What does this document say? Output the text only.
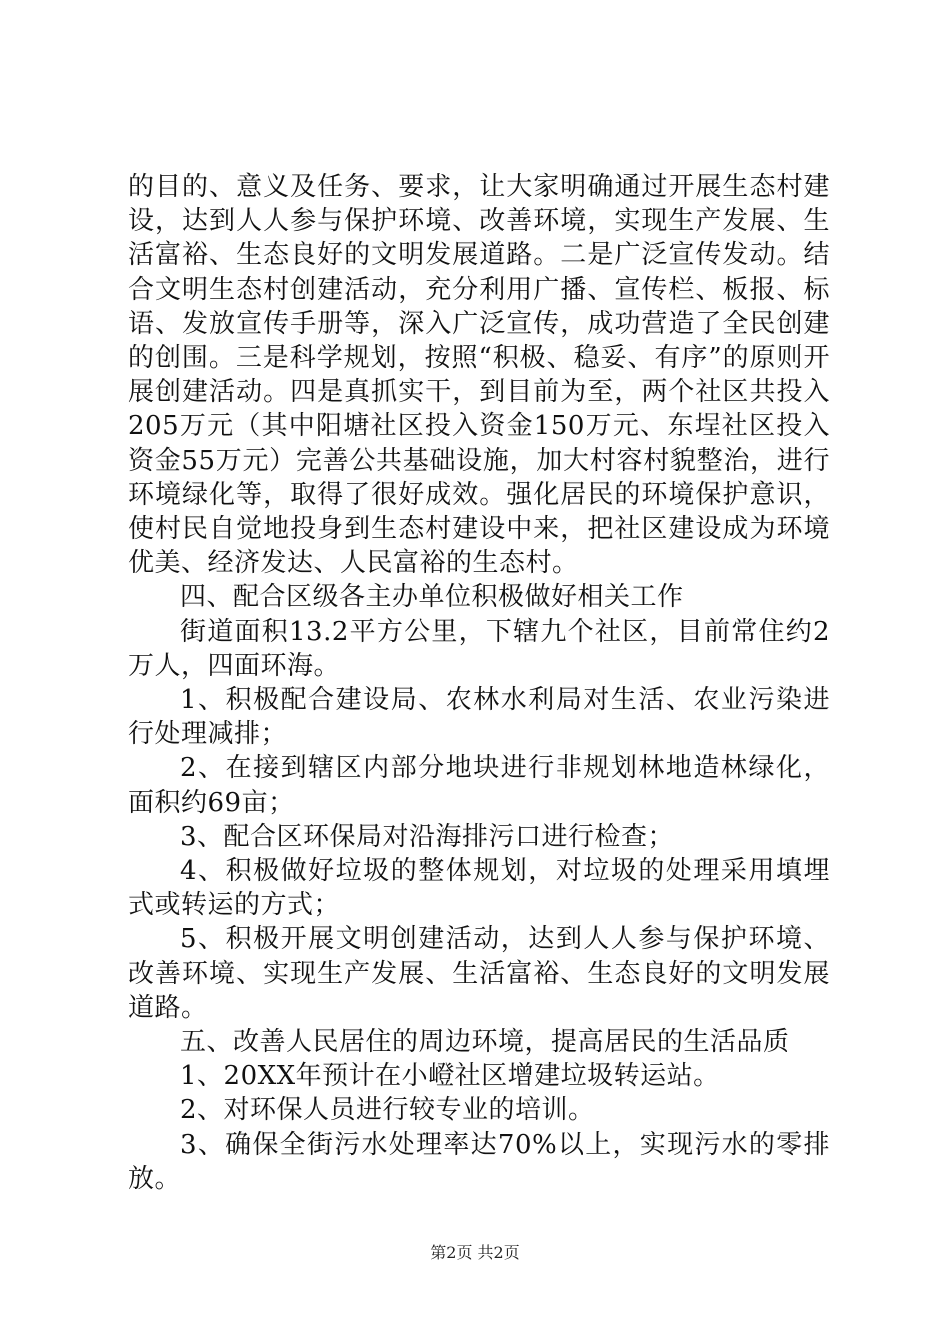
的目的、意义及任务、要求，让大家明确通过开展生态村建设，达到人人参与保护环境、改善环境，实现生产发展、生活富裕、生态良好的文明发展道路。二是广泛宣传发动。结合文明生态村创建活动，充分利用广播、宣传栏、板报、标语、发放宣传手册等，深入广泛宣传，成功营造了全民创建的创围。三是科学规划，按照“积极、稳妥、有序”的原则开展创建活动。四是真抓实干，到目前为至，两个社区共投入205万元（其中阳塘社区投入资金150万元、东埕社区投入资金55万元）完善公共基础设施，加大村容村貌整治，进行环境绿化等，取得了很好成效。强化居民的环境保护意识，使村民自觉地投身到生态村建设中来，把社区建设成为环境优美、经济发达、人民富裕的生态村。

四、配合区级各主办单位积极做好相关工作

街道面积13.2平方公里，下辖九个社区，目前常住约2万人，四面环海。

1、积极配合建设局、农林水利局对生活、农业污染进行处理减排；

2、在接到辖区内部分地块进行非规划林地造林绿化，面积约69亩；

3、配合区环保局对沿海排污口进行检查；

4、积极做好垃圾的整体规划，对垃圾的处理采用填埋式或转运的方式；

5、积极开展文明创建活动，达到人人参与保护环境、改善环境、实现生产发展、生活富裕、生态良好的文明发展道路。

五、改善人民居住的周边环境，提高居民的生活品质

1、20XX年预计在小嶝社区增建垃圾转运站。

2、对环保人员进行较专业的培训。

3、确保全街污水处理率达70%以上，实现污水的零排放。

第2页 共2页
